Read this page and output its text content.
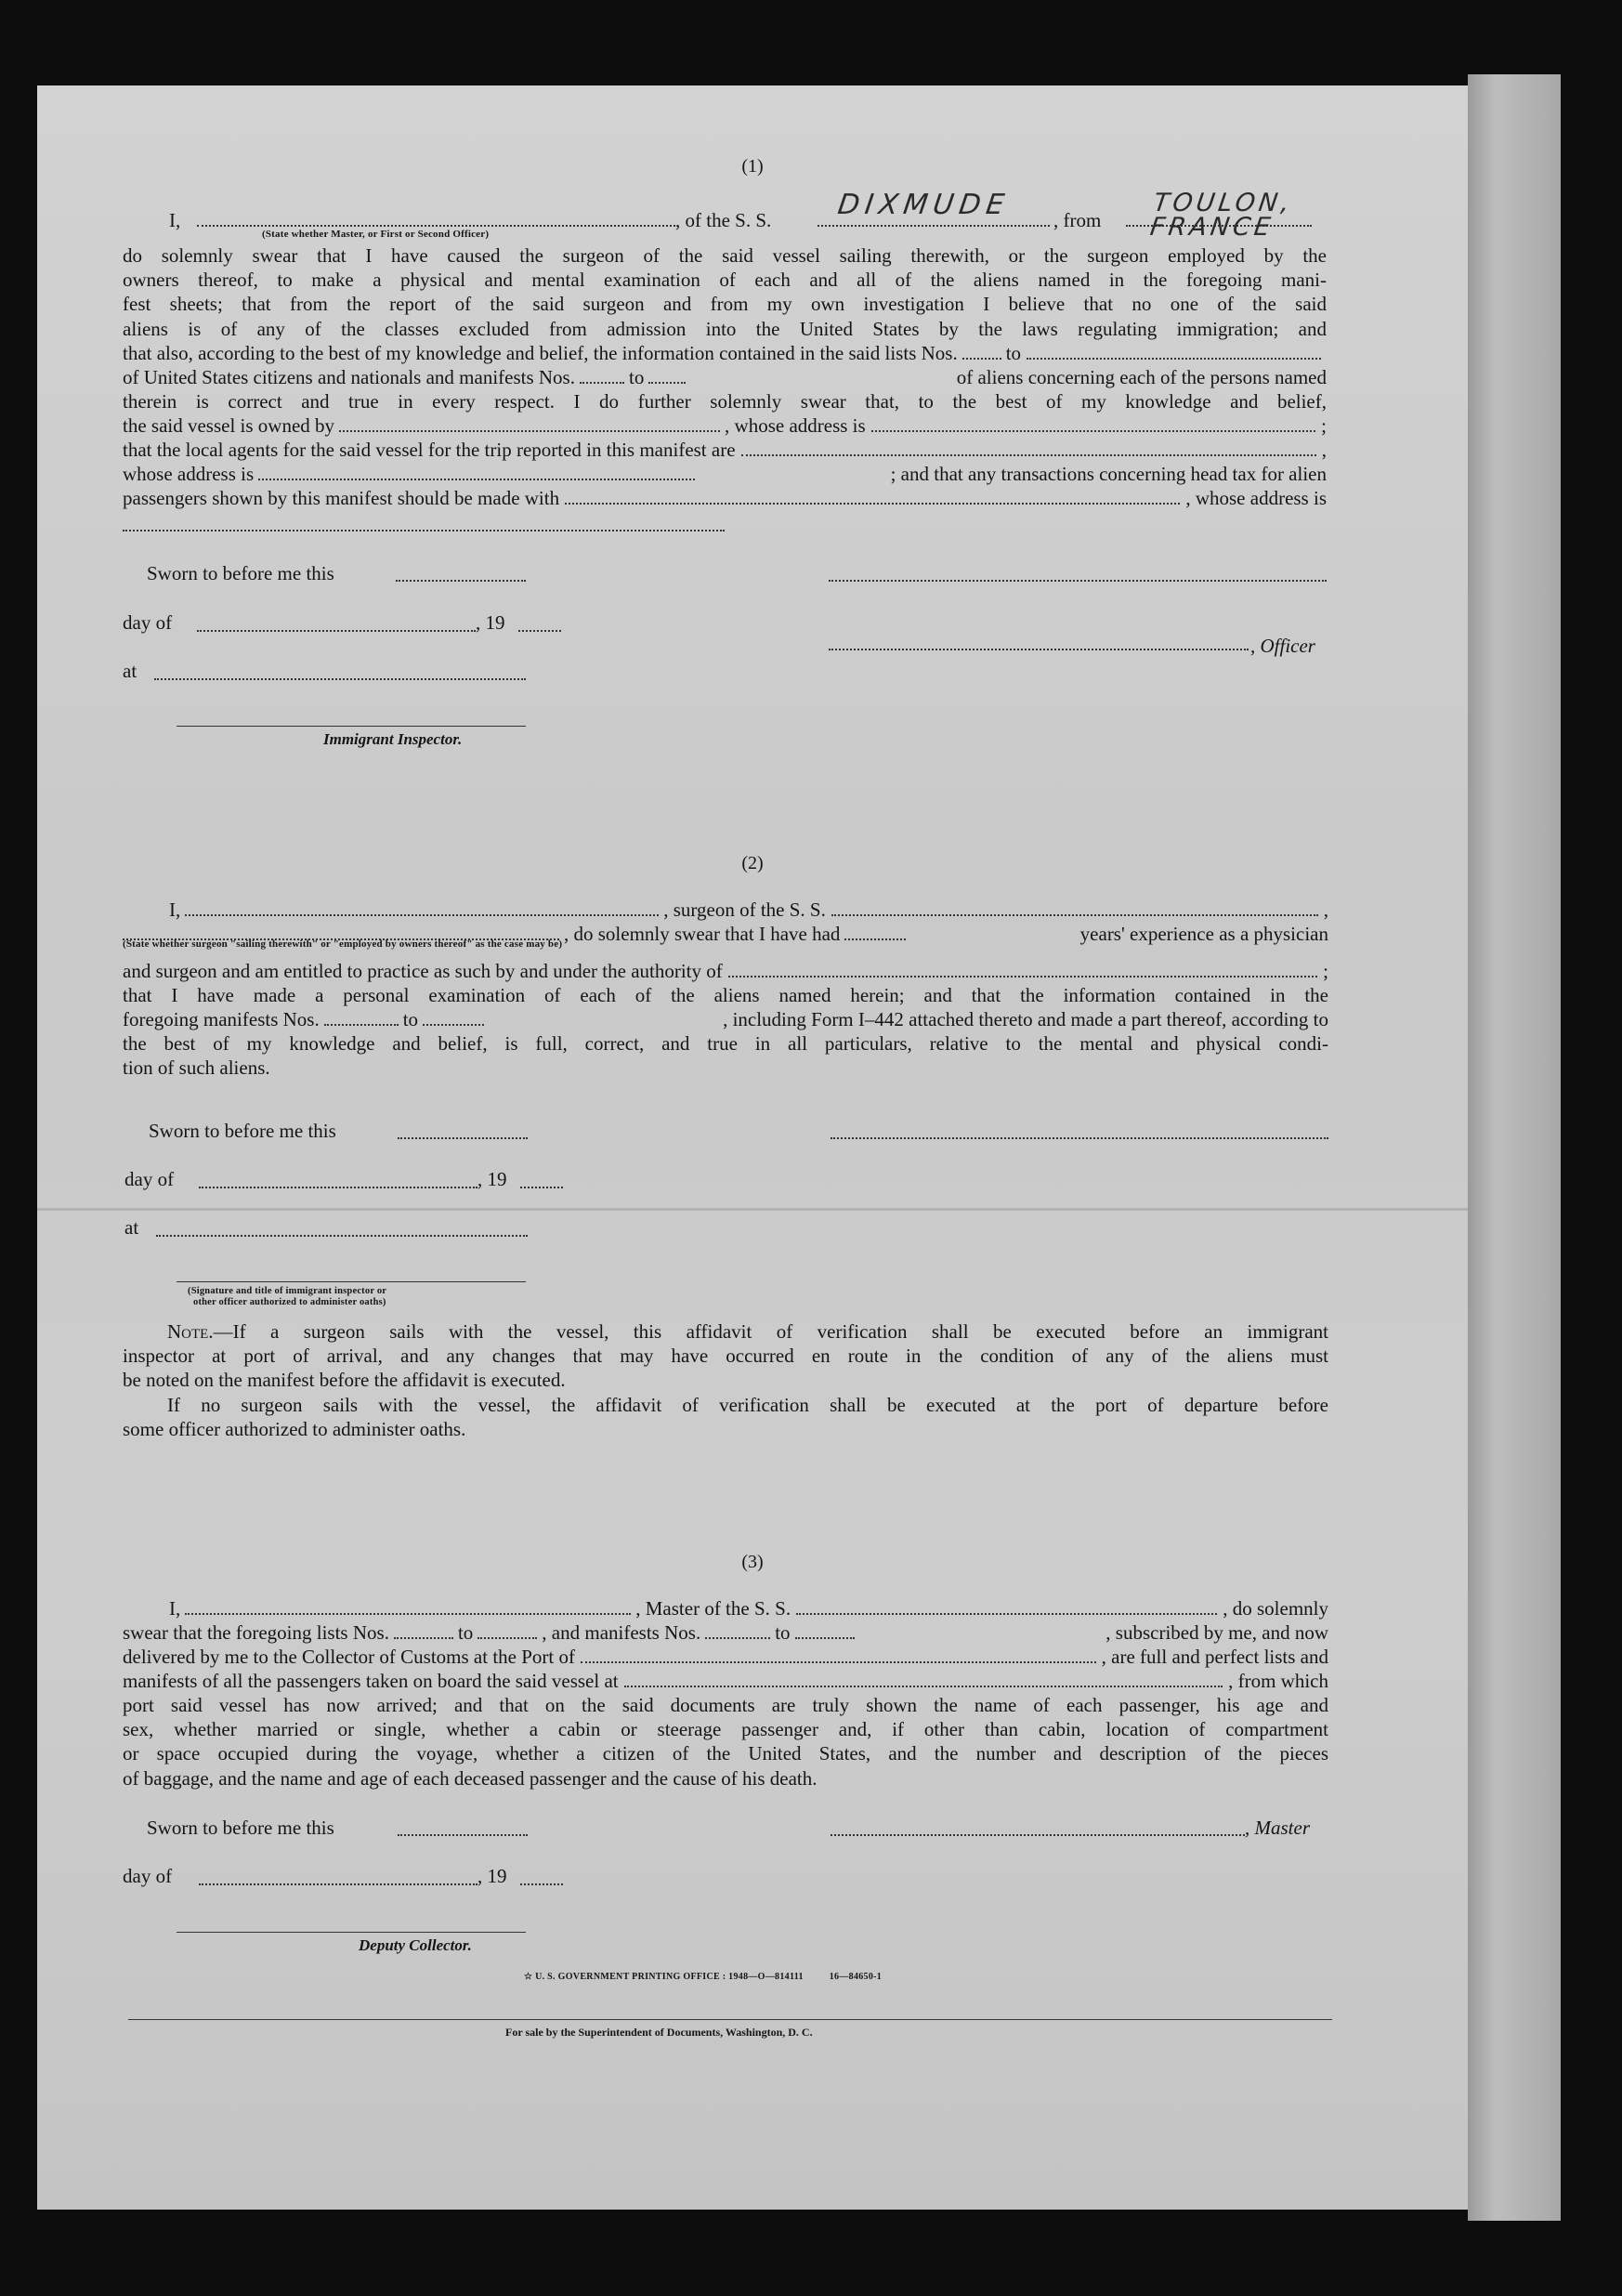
(1)
I,	, of the S. S. DIXMUDE , from
TOULON, FRANCE
(State whether Master, or First or Second Officer)
do solemnly swear that I have caused the surgeon of the said vessel sailing therewith, or the surgeon employed by the
owners thereof, to make a physical and mental examination of each and all of the aliens named in the foregoing mani-
fest sheets; that from the report of the said surgeon and from my own investigation I believe that no one of the said
aliens is of any of the classes excluded from admission into the United States by the laws regulating immigration; and
that also, according to the best of my knowledge and belief, the information contained in the said lists Nos. to
of United States citizens and nationals and manifests Nos.	to	of aliens concerning each of the persons named
therein is correct and true in every respect. I do further solemnly swear that, to the best of my knowledge and belief,
the said vessel is owned by	, whose address is	;
that the local agents for the said vessel for the trip reported in this manifest are	,
whose address is	; and that any transactions concerning head tax for alien
passengers shown by this manifest should be made with	, whose address is
Sworn to before me this
day of	, 19
, Officer
at
Immigrant Inspector.
(2)
I,	, surgeon of the S. S.	,
, do solemnly swear that I have had	years' experience as a physician
(State whether surgeon "sailing therewith" or "employed by owners thereof" as the case may be)
and surgeon and am entitled to practice as such by and under the authority of	;
that I have made a personal examination of each of the aliens named herein; and that the information contained in the
foregoing manifests Nos.	to	, including Form I–442 attached thereto and made a part thereof, according to
the best of my knowledge and belief, is full, correct, and true in all particulars, relative to the mental and physical condi-
tion of such aliens.
Sworn to before me this
day of	, 19
at
(Signature and title of immigrant inspector or
other officer authorized to administer oaths)
Note.—If a surgeon sails with the vessel, this affidavit of verification shall be executed before an immigrant
inspector at port of arrival, and any changes that may have occurred en route in the condition of any of the aliens must
be noted on the manifest before the affidavit is executed.
If no surgeon sails with the vessel, the affidavit of verification shall be executed at the port of departure before
some officer authorized to administer oaths.
(3)
I,	, Master of the S. S.	, do solemnly
swear that the foregoing lists Nos.	to	, and manifests Nos.	to	, subscribed by me, and now
delivered by me to the Collector of Customs at the Port of	, are full and perfect lists and
manifests of all the passengers taken on board the said vessel at	, from which
port said vessel has now arrived; and that on the said documents are truly shown the name of each passenger, his age and
sex, whether married or single, whether a cabin or steerage passenger and, if other than cabin, location of compartment
or space occupied during the voyage, whether a citizen of the United States, and the number and description of the pieces
of baggage, and the name and age of each deceased passenger and the cause of his death.
Sworn to before me this	, Master
day of	, 19
Deputy Collector.
☆ U. S. GOVERNMENT PRINTING OFFICE : 1948—O—814111          16—84650-1
For sale by the Superintendent of Documents, Washington, D. C.
